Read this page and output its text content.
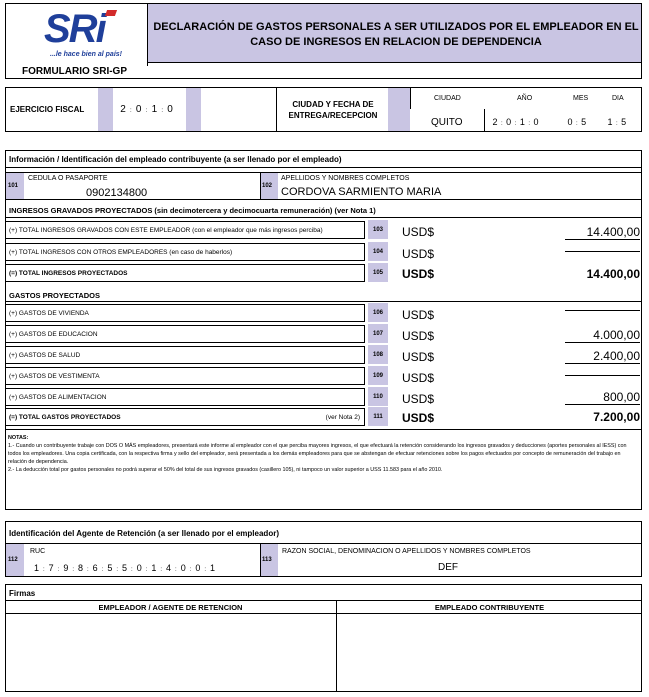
SRi
...le hace bien al país!
FORMULARIO SRI-GP
DECLARACIÓN DE GASTOS PERSONALES A SER UTILIZADOS POR EL EMPLEADOR EN EL
CASO DE INGRESOS EN RELACION DE DEPENDENCIA
EJERCICIO FISCAL	2 : 0 : 1 : 0	CIUDAD Y FECHA DE
ENTREGA/RECEPCION
CIUDAD	AÑO	MES	DIA
QUITO	2 : 0 : 1 : 0	0 : 5	1 : 5
Información / Identificación del empleado contribuyente (a ser llenado por el empleado)
101
CEDULA O PASAPORTE
0902134800
102
APELLIDOS Y NOMBRES COMPLETOS
CORDOVA SARMIENTO MARIA
INGRESOS GRAVADOS PROYECTADOS (sin decimotercera y decimocuarta remuneración) (ver Nota 1)
(+) TOTAL INGRESOS GRAVADOS CON ESTE EMPLEADOR (con el empleador que más ingresos perciba)	103	USD$	14.400,00
(+) TOTAL INGRESOS CON OTROS EMPLEADORES (en caso de haberlos)	104	USD$
(=) TOTAL INGRESOS PROYECTADOS	105	USD$	14.400,00
GASTOS PROYECTADOS
(+) GASTOS DE VIVIENDA	106	USD$
(+) GASTOS DE EDUCACION	107	USD$	4.000,00
(+) GASTOS DE SALUD	108	USD$	2.400,00
(+) GASTOS DE VESTIMENTA	109	USD$
(+) GASTOS DE ALIMENTACION	110	USD$	800,00
(=) TOTAL GASTOS PROYECTADOS	(ver Nota 2)	111	USD$	7.200,00
NOTAS:
1.- Cuando un contribuyente trabaje con DOS O MÁS empleadores, presentará este informe al empleador con el que perciba mayores ingresos, el que efectuará la retención considerando los ingresos gravados y deducciones (aportes personales al IESS) con todos los empleadores. Una copia certificada, con la respectiva firma y sello del empleador, será presentada a los demás empleadores para que se abstengan de efectuar retenciones sobre los pagos efectuados por concepto de remuneración del trabajo en relación de dependencia.
2.- La deducción total por gastos personales no podrá superar el 50% del total de sus ingresos gravados (casillero 105), ni tampoco un valor superior a USS 11.583 para el año 2010.
Identificación del Agente de Retención (a ser llenado por el empleador)
112
RUC
1 : 7 : 9 : 8 : 6 : 5 : 5 : 0 : 1 : 4 : 0 : 0 : 1
113
RAZON SOCIAL, DENOMINACION O APELLIDOS Y NOMBRES COMPLETOS
DEF
Firmas
EMPLEADOR / AGENTE DE RETENCION	EMPLEADO CONTRIBUYENTE
